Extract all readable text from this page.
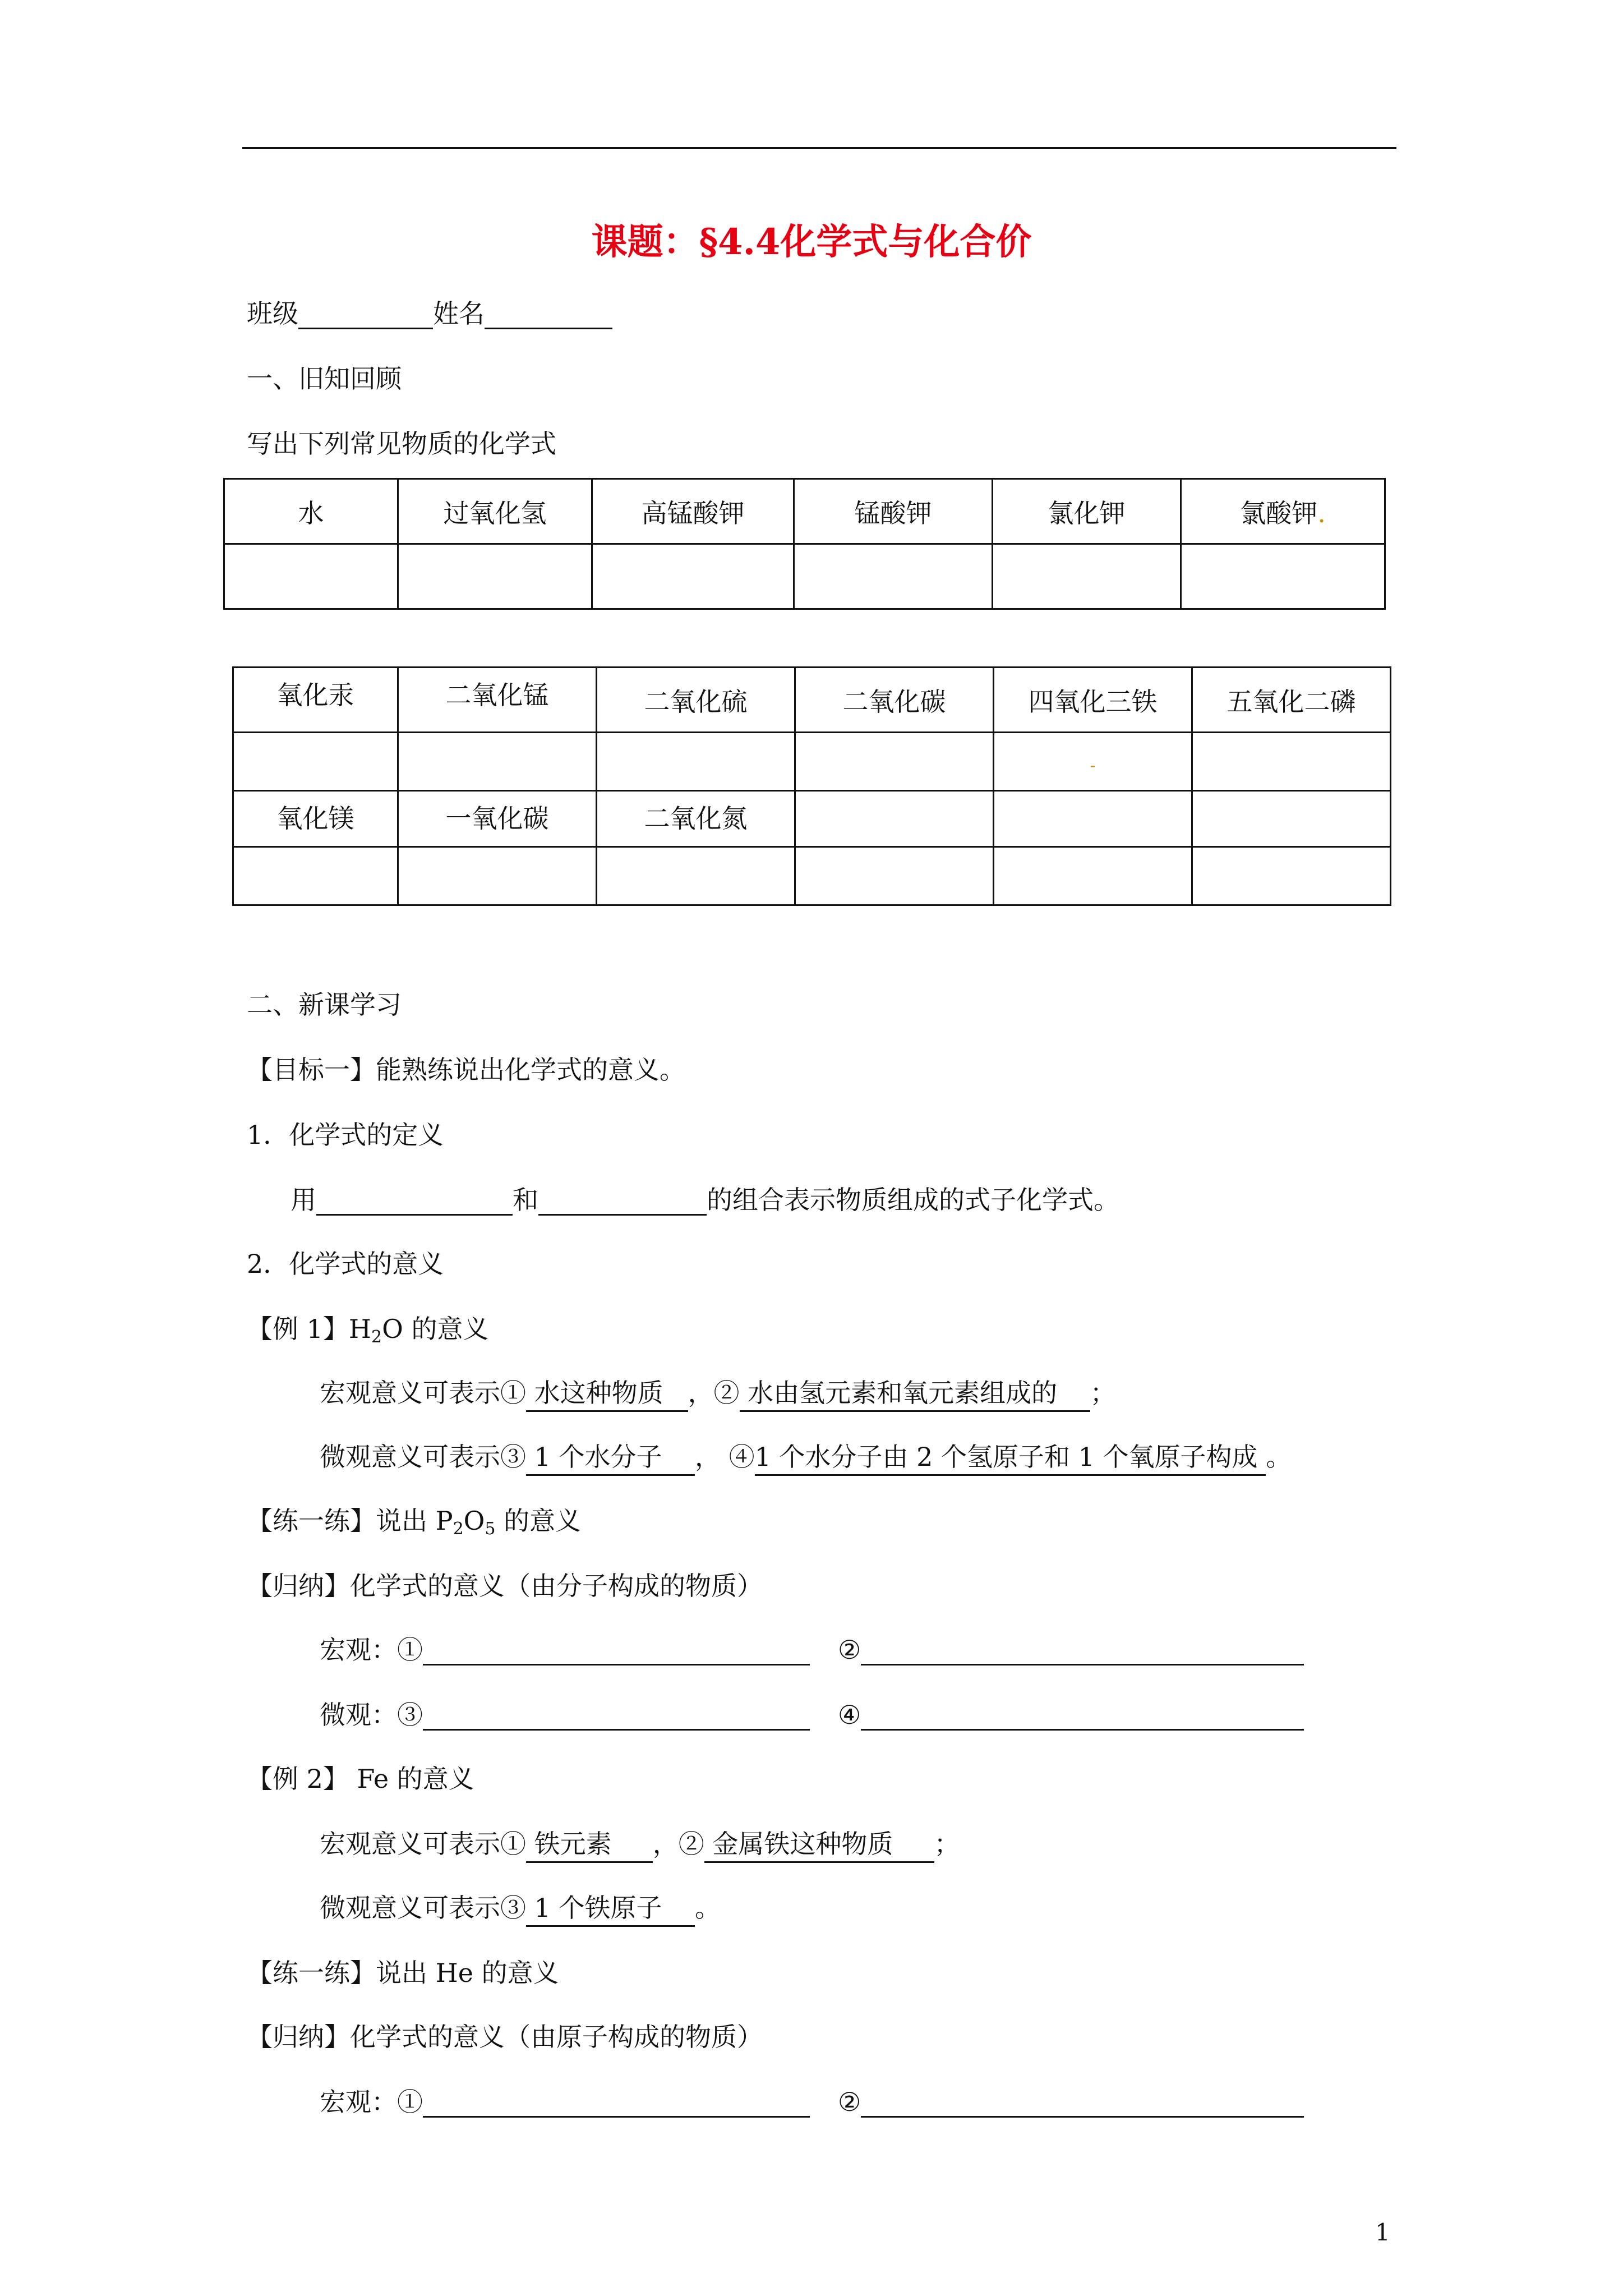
课题：§4.4化学式与化合价
班级	姓名
一、旧知回顾
写出下列常见物质的化学式
水	过氧化氢	高锰酸钾	锰酸钾	氯化钾	氯酸钾.

氧化汞	二氧化锰	二氧化硫	二氧化碳	四氧化三铁	五氧化二磷
				-	
氧化镁	一氧化碳	二氧化氮			

二、新课学习
【目标一】能熟练说出化学式的意义。
1．化学式的定义
用	和	的组合表示物质组成的式子化学式。
2．化学式的意义
【例 1】$H_2O$ 的意义
宏观意义可表示① 水这种物质 ，② 水由氢元素和氧元素组成的 ；
微观意义可表示③ 1 个水分子 ， ④1 个水分子由 2 个氢原子和 1 个氧原子构成 。
【练一练】说出 $P_2O_5$ 的意义
【归纳】化学式的意义（由分子构成的物质）
宏观：①	②
微观：③	④
【例 2】 Fe 的意义
宏观意义可表示① 铁元素 ，② 金属铁这种物质 ；
微观意义可表示③ 1 个铁原子 。
【练一练】说出 He 的意义
【归纳】化学式的意义（由原子构成的物质）
宏观：①	②
1
